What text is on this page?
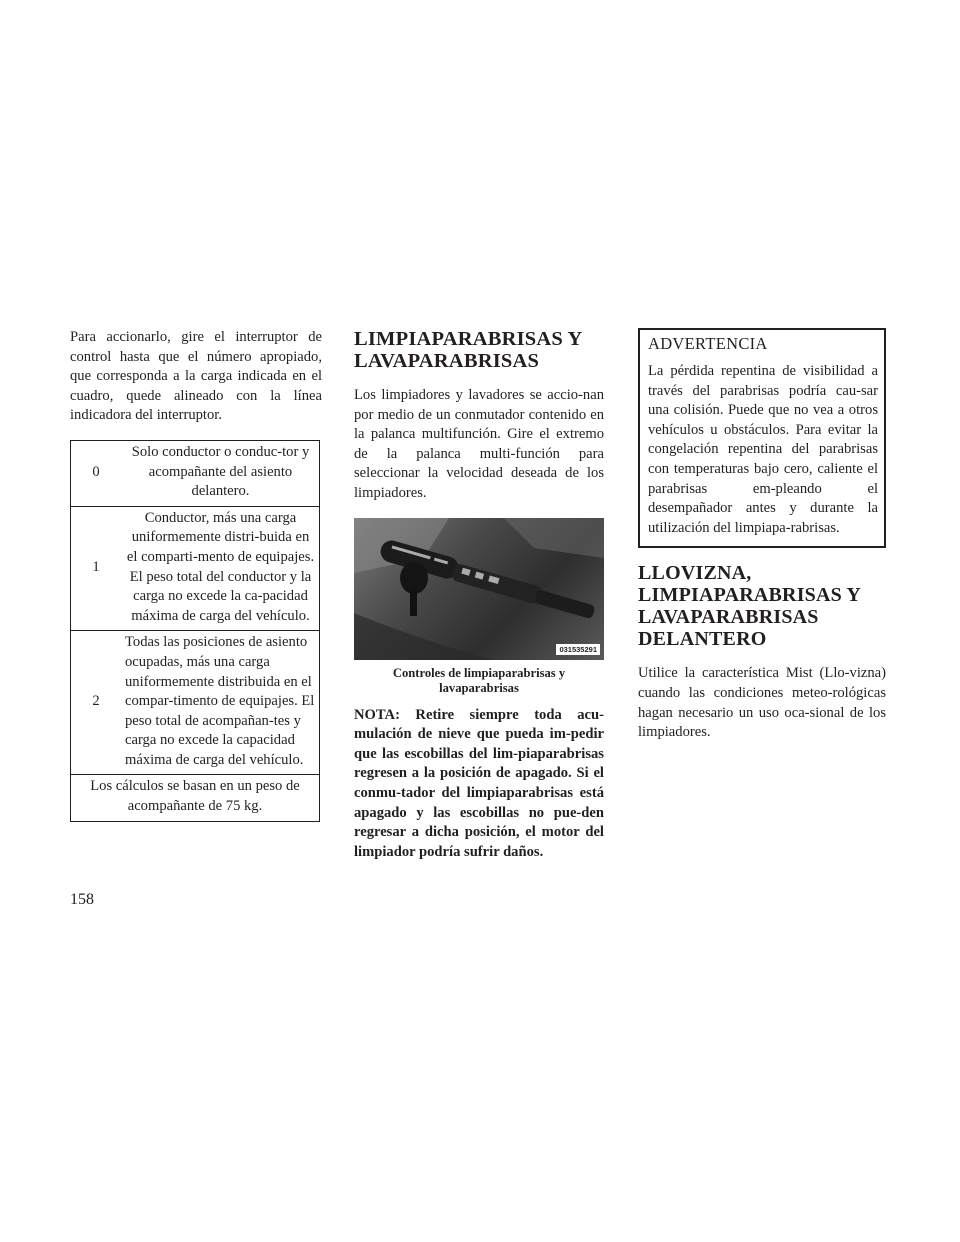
Para accionarlo, gire el interruptor de control hasta que el número apropiado, que corresponda a la carga indicada en el cuadro, quede alineado con la línea indicadora del interruptor.

0	Solo conductor o conduc-tor y acompañante del asiento delantero.
1	Conductor, más una carga uniformemente distri-buida en el comparti-mento de equipajes. El peso total del conductor y la carga no excede la ca-pacidad máxima de carga del vehículo.
2	Todas las posiciones de asiento ocupadas, más una carga uniformemente distribuida en el compar-timento de equipajes. El peso total de acompañan-tes y carga no excede la capacidad máxima de carga del vehículo.
Los cálculos se basan en un peso de acompañante de 75 kg.	
LIMPIAPARABRISAS Y LAVAPARABRISAS

Los limpiadores y lavadores se accio-nan por medio de un conmutador contenido en la palanca multifunción. Gire el extremo de la palanca multi-función para seleccionar la velocidad deseada de los limpiadores.

031535291
Controles de limpiaparabrisas y lavaparabrisas

NOTA: Retire siempre toda acu-mulación de nieve que pueda im-pedir que las escobillas del lim-piaparabrisas regresen a la posición de apagado. Si el conmu-tador del limpiaparabrisas está apagado y las escobillas no pue-den regresar a dicha posición, el motor del limpiador podría sufrir daños.

ADVERTENCIA

La pérdida repentina de visibilidad a través del parabrisas podría cau-sar una colisión. Puede que no vea a otros vehículos u obstáculos. Para evitar la congelación repentina del parabrisas con temperaturas bajo cero, caliente el parabrisas em-pleando el desempañador antes y durante la utilización del limpiapa-rabrisas.

LLOVIZNA, LIMPIAPARABRISAS Y LAVAPARABRISAS DELANTERO

Utilice la característica Mist (Llo-vizna) cuando las condiciones meteo-rológicas hagan necesario un uso oca-sional de los limpiadores.

158
